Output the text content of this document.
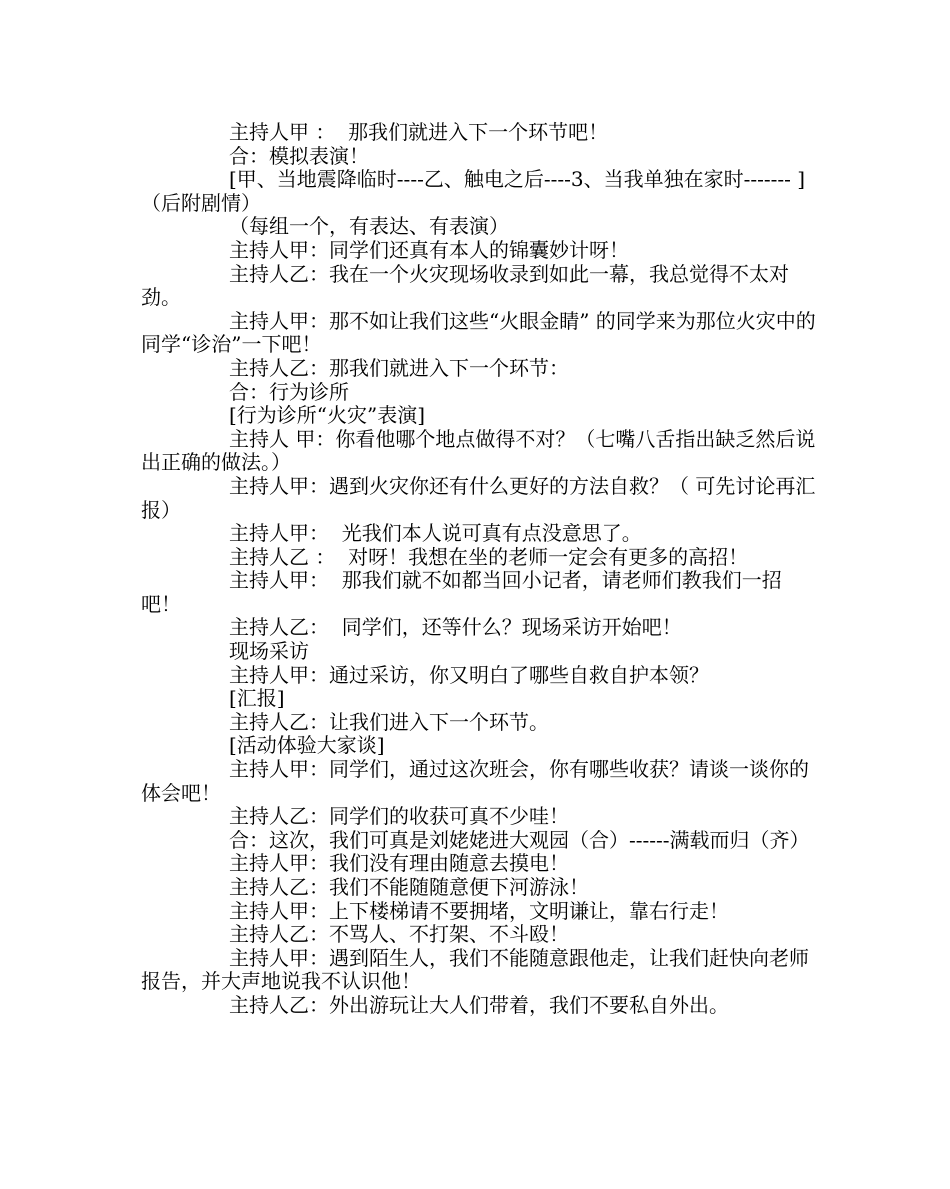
主持人甲 ：  那我们就进入下一个环节吧！

合：模拟表演！

[甲、当地震降临时----乙、触电之后----3、当我单独在家时------- ]（后附剧情）

（每组一个，有表达、有表演）

主持人甲：同学们还真有本人的锦囊妙计呀！

主持人乙：我在一个火灾现场收录到如此一幕，我总觉得不太对劲。

主持人甲：那不如让我们这些“火眼金睛” 的同学来为那位火灾中的同学“诊治”一下吧！

主持人乙：那我们就进入下一个环节：

合：行为诊所

[行为诊所“火灾”表演]

主持人 甲：你看他哪个地点做得不对？（七嘴八舌指出缺乏然后说出正确的做法。）

主持人甲：遇到火灾你还有什么更好的方法自救？（ 可先讨论再汇报）

主持人甲：  光我们本人说可真有点没意思了。

主持人乙 ：  对呀！我想在坐的老师一定会有更多的高招！

主持人甲：  那我们就不如都当回小记者，请老师们教我们一招吧！

主持人乙：  同学们，还等什么？现场采访开始吧！

现场采访

主持人甲：通过采访，你又明白了哪些自救自护本领？

[汇报]

主持人乙：让我们进入下一个环节。

[活动体验大家谈]

主持人甲：同学们，通过这次班会，你有哪些收获？请谈一谈你的体会吧！

主持人乙：同学们的收获可真不少哇！

合：这次，我们可真是刘姥姥进大观园（合）------满载而归（齐）

主持人甲：我们没有理由随意去摸电！

主持人乙：我们不能随随意便下河游泳！

主持人甲：上下楼梯请不要拥堵，文明谦让，靠右行走！

主持人乙：不骂人、不打架、不斗殴！

主持人甲：遇到陌生人，我们不能随意跟他走，让我们赶快向老师报告，并大声地说我不认识他！

主持人乙：外出游玩让大人们带着，我们不要私自外出。
